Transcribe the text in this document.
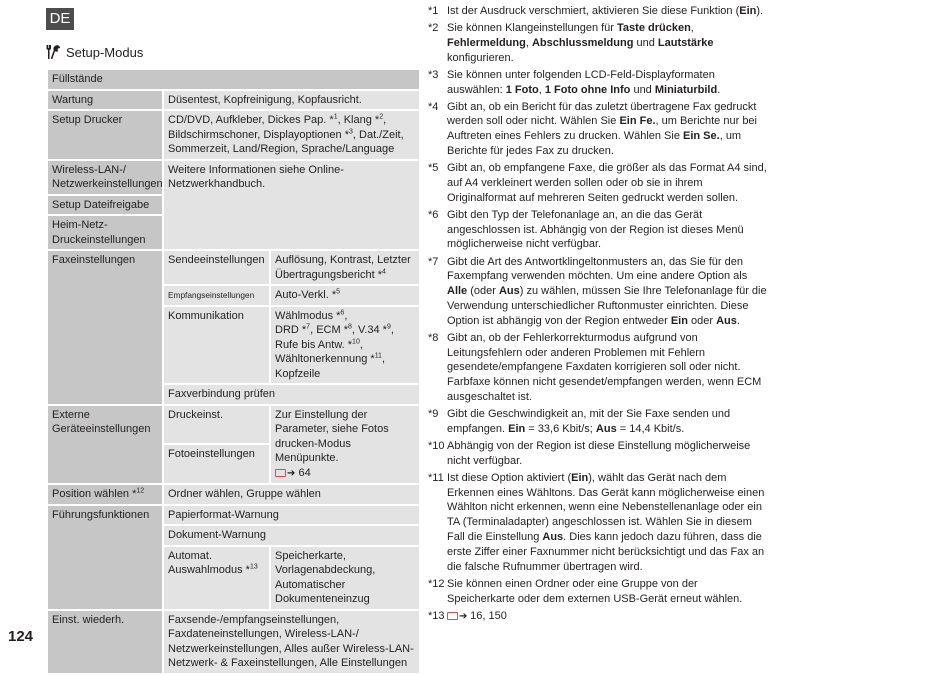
DE
Setup-Modus
Füllstände		
Wartung	Düsentest, Kopfreinigung, Kopfausricht.	
Setup Drucker	CD/DVD, Aufkleber, Dickes Pap. *$^1$, Klang *$^2$,
Bildschirmschoner, Displayoptionen *$^3$, Dat./Zeit,
Sommerzeit, Land/Region, Sprache/Language	
Wireless-LAN-/ Netzwerkeinstellungen	Weitere Informationen siehe Online-Netzwerkhandbuch.	
Setup Dateifreigabe		
Heim-Netz-Druckeinstellungen		
Faxeinstellungen	Sendeeinstellungen	Auflösung, Kontrast, Letzter Übertragungsbericht *$^4$
	Empfangseinstellungen	Auto-Verkl. *$^5$
	Kommunikation	Wählmodus *$^6$,
DRD *$^7$, ECM *$^8$, V.34 *$^9$,
Rufe bis Antw. *$^{10}$,
Wähltonerkennung *$^{11}$,
Kopfzeile
	Faxverbindung prüfen	
Externe Geräteeinstellungen	Druckeinst.	Zur Einstellung der Parameter, siehe Fotos drucken-Modus Menüpunkte.
➔ 64
	Fotoeinstellungen	
Position wählen *$^{12}$	Ordner wählen, Gruppe wählen	
Führungsfunktionen	Papierformat-Warnung	
	Dokument-Warnung	
	Automat. Auswahlmodus *$^{13}$	Speicherkarte, Vorlagenabdeckung, Automatischer Dokumenteneinzug
Einst. wiederh.	Faxsende-/empfangseinstellungen, Faxdateneinstellungen, Wireless-LAN-/ Netzwerkeinstellungen, Alles außer Wireless-LAN-Netzwerk- & Faxeinstellungen, Alle Einstellungen	
*1 Ist der Ausdruck verschmiert, aktivieren Sie diese Funktion (Ein).
*2 Sie können Klangeinstellungen für Taste drücken, Fehlermeldung, Abschlussmeldung und Lautstärke konfigurieren.
*3 Sie können unter folgenden LCD-Feld-Displayformaten auswählen: 1 Foto, 1 Foto ohne Info und Miniaturbild.
*4 Gibt an, ob ein Bericht für das zuletzt übertragene Fax gedruckt werden soll oder nicht. Wählen Sie Ein Fe., um Berichte nur bei Auftreten eines Fehlers zu drucken. Wählen Sie Ein Se., um Berichte für jedes Fax zu drucken.
*5 Gibt an, ob empfangene Faxe, die größer als das Format A4 sind, auf A4 verkleinert werden sollen oder ob sie in ihrem Originalformat auf mehreren Seiten gedruckt werden sollen.
*6 Gibt den Typ der Telefonanlage an, an die das Gerät angeschlossen ist. Abhängig von der Region ist dieses Menü möglicherweise nicht verfügbar.
*7 Gibt die Art des Antwortklingeltonmusters an, das Sie für den Faxempfang verwenden möchten. Um eine andere Option als Alle (oder Aus) zu wählen, müssen Sie Ihre Telefonanlage für die Verwendung unterschiedlicher Ruftonmuster einrichten. Diese Option ist abhängig von der Region entweder Ein oder Aus.
*8 Gibt an, ob der Fehlerkorrekturmodus aufgrund von Leitungsfehlern oder anderen Problemen mit Fehlern gesendete/empfangene Faxdaten korrigieren soll oder nicht. Farbfaxe können nicht gesendet/empfangen werden, wenn ECM ausgeschaltet ist.
*9 Gibt die Geschwindigkeit an, mit der Sie Faxe senden und empfangen. Ein = 33,6 Kbit/s; Aus = 14,4 Kbit/s.
*10 Abhängig von der Region ist diese Einstellung möglicherweise nicht verfügbar.
*11 Ist diese Option aktiviert (Ein), wählt das Gerät nach dem Erkennen eines Wähltons. Das Gerät kann möglicherweise einen Wählton nicht erkennen, wenn eine Nebenstellenanlage oder ein TA (Terminaladapter) angeschlossen ist. Wählen Sie in diesem Fall die Einstellung Aus. Dies kann jedoch dazu führen, dass die erste Ziffer einer Faxnummer nicht berücksichtigt und das Fax an die falsche Rufnummer übertragen wird.
*12 Sie können einen Ordner oder eine Gruppe von der Speicherkarte oder dem externen USB-Gerät erneut wählen.
*13	➔ 16, 150
124
